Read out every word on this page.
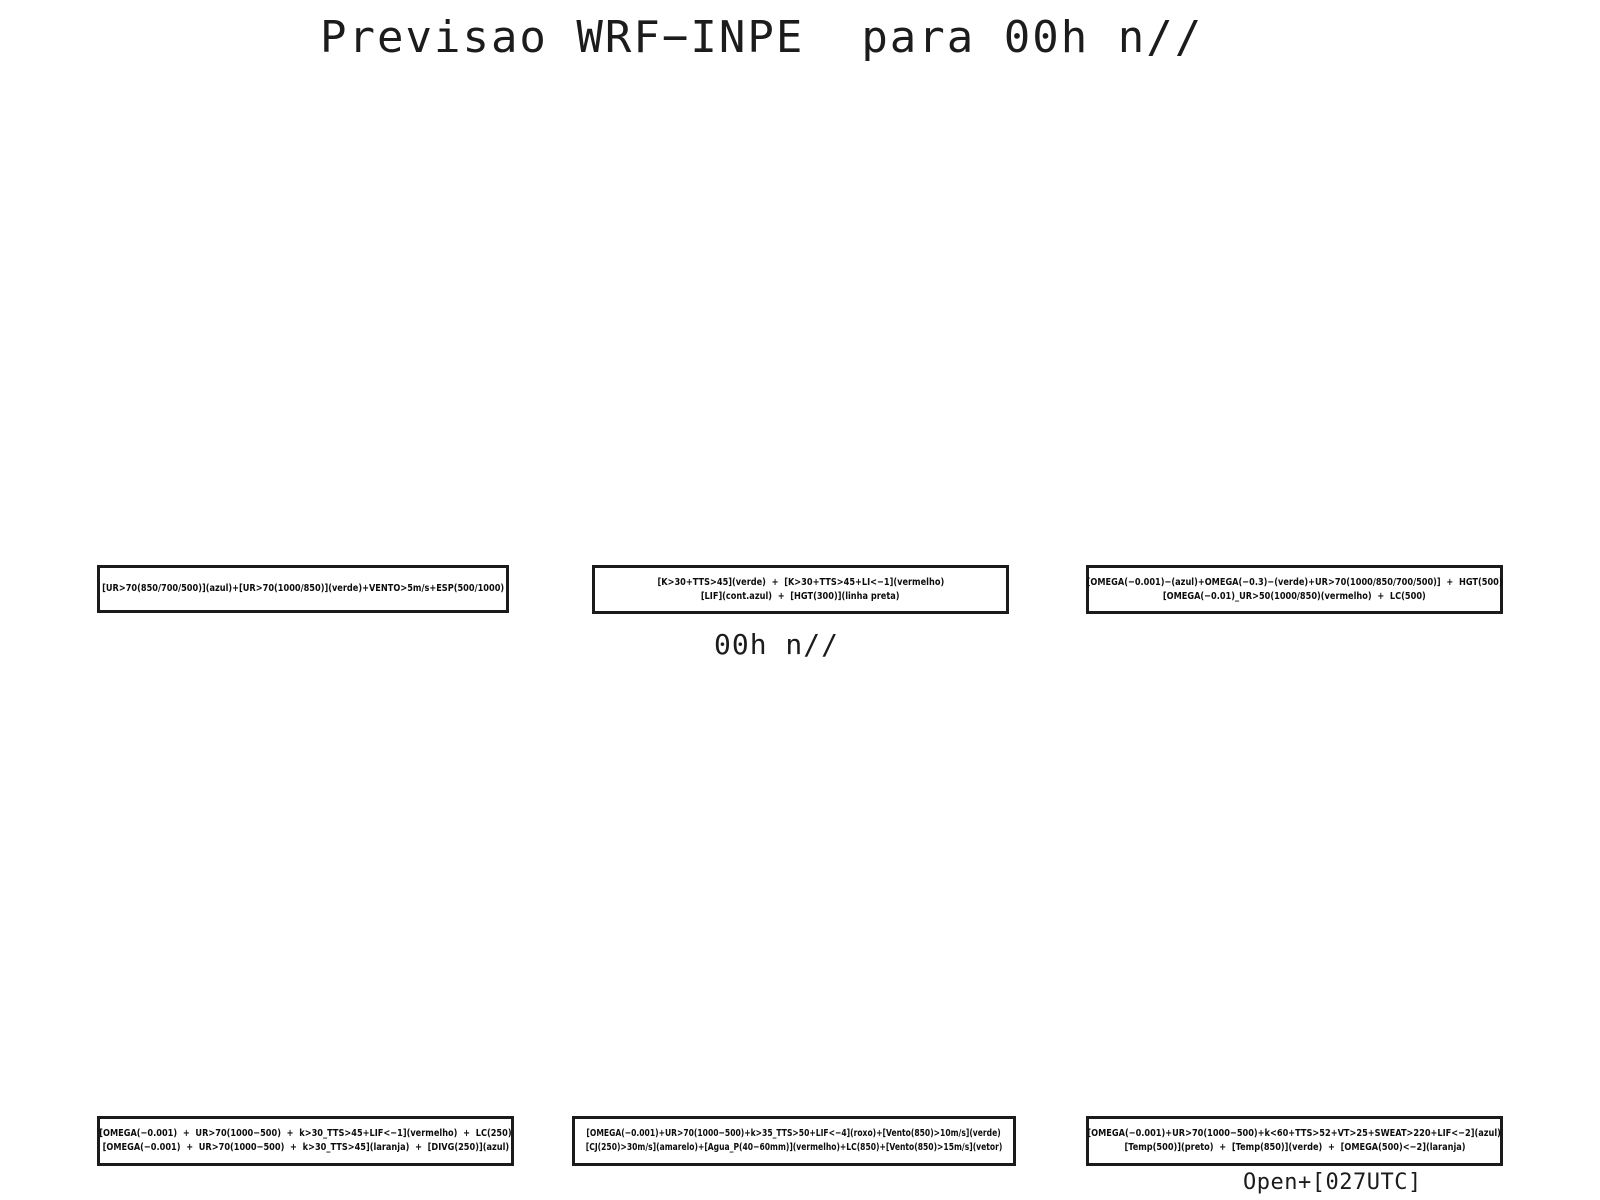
Previsao WRF−INPE  para 00h n//
[UR>70(850/700/500)](azul)+[UR>70(1000/850)](verde)+VENTO>5m/s+ESP(500/1000)
[K>30+TTS>45](verde)  +  [K>30+TTS>45+LI<−1](vermelho)
[LIF](cont.azul)  +  [HGT(300)](linha preta)
[OMEGA(−0.001)−(azul)+OMEGA(−0.3)−(verde)+UR>70(1000/850/700/500)]  +  HGT(500)
[OMEGA(−0.01)_UR>50(1000/850)(vermelho)  +  LC(500)
00h n//
[OMEGA(−0.001)  +  UR>70(1000−500)  +  k>30_TTS>45+LIF<−1](vermelho)  +  LC(250)
[OMEGA(−0.001)  +  UR>70(1000−500)  +  k>30_TTS>45](laranja)  +  [DIVG(250)](azul)
[OMEGA(−0.001)+UR>70(1000−500)+k>35_TTS>50+LIF<−4](roxo)+[Vento(850)>10m/s](verde)
[CJ(250)>30m/s](amarelo)+[Agua_P(40−60mm)](vermelho)+LC(850)+[Vento(850)>15m/s](vetor)
[OMEGA(−0.001)+UR>70(1000−500)+k<60+TTS>52+VT>25+SWEAT>220+LIF<−2](azul)
[Temp(500)](preto)  +  [Temp(850)](verde)  +  [OMEGA(500)<−2](laranja)
Open+[027UTC]
